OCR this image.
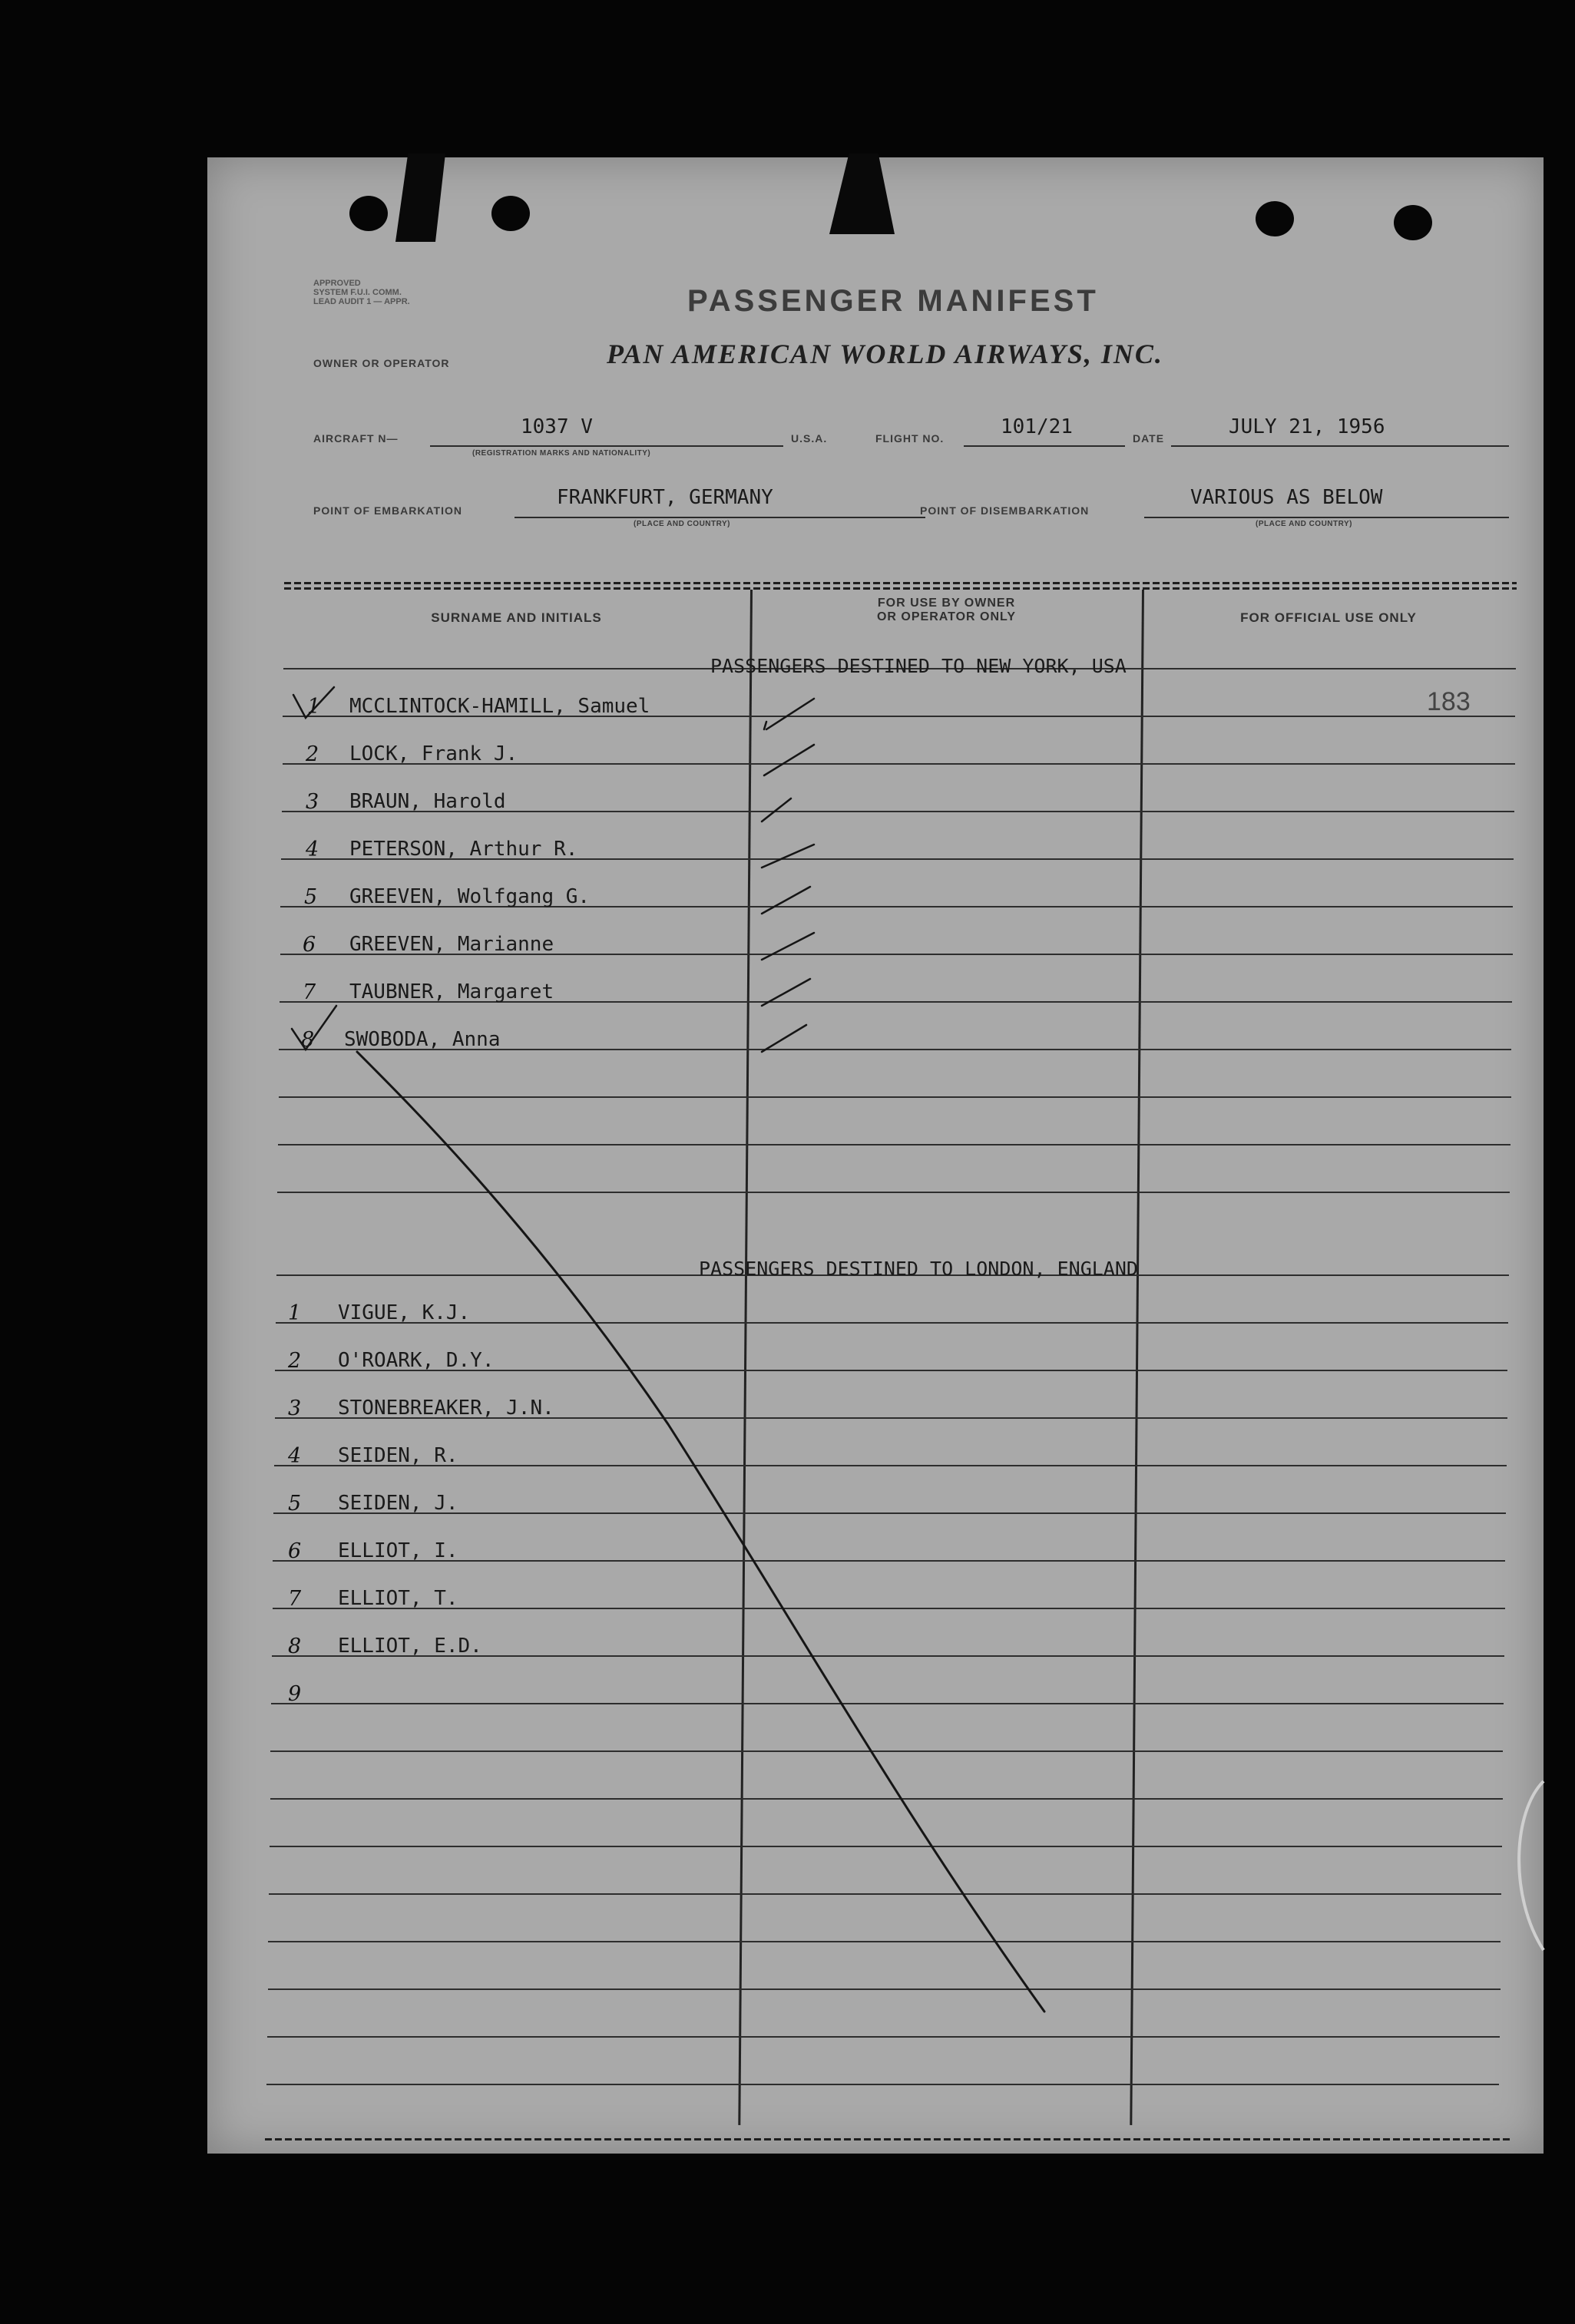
APPROVED
SYSTEM F.U.I. COMM.
LEAD AUDIT 1 — APPR.	PASSENGER MANIFEST
OWNER OR OPERATOR	PAN AMERICAN WORLD AIRWAYS, INC.
AIRCRAFT N—	1037 V
(REGISTRATION MARKS AND NATIONALITY)
U.S.A.	FLIGHT NO.	101/21	DATE	JULY 21, 1956
POINT OF EMBARKATION
FRANKFURT, GERMANY
(PLACE AND COUNTRY)
POINT OF DISEMBARKATION
VARIOUS AS BELOW
(PLACE AND COUNTRY)
SURNAME AND INITIALS
FOR USE BY OWNER
OR OPERATOR ONLY	FOR OFFICIAL USE ONLY
PASSENGERS DESTINED TO NEW YORK, USA
PASSENGERS DESTINED TO LONDON, ENGLAND
183
1 MCCLINTOCK-HAMILL, Samuel
2 LOCK, Frank J.
3 BRAUN, Harold
4 PETERSON, Arthur R.
5 GREEVEN, Wolfgang G.
6 GREEVEN, Marianne
7 TAUBNER, Margaret
8 SWOBODA, Anna
1 VIGUE, K.J.
2 O'ROARK, D.Y.
3 STONEBREAKER, J.N.
4 SEIDEN, R.
5 SEIDEN, J.
6 ELLIOT, I.
7 ELLIOT, T.
8 ELLIOT, E.D.
9
